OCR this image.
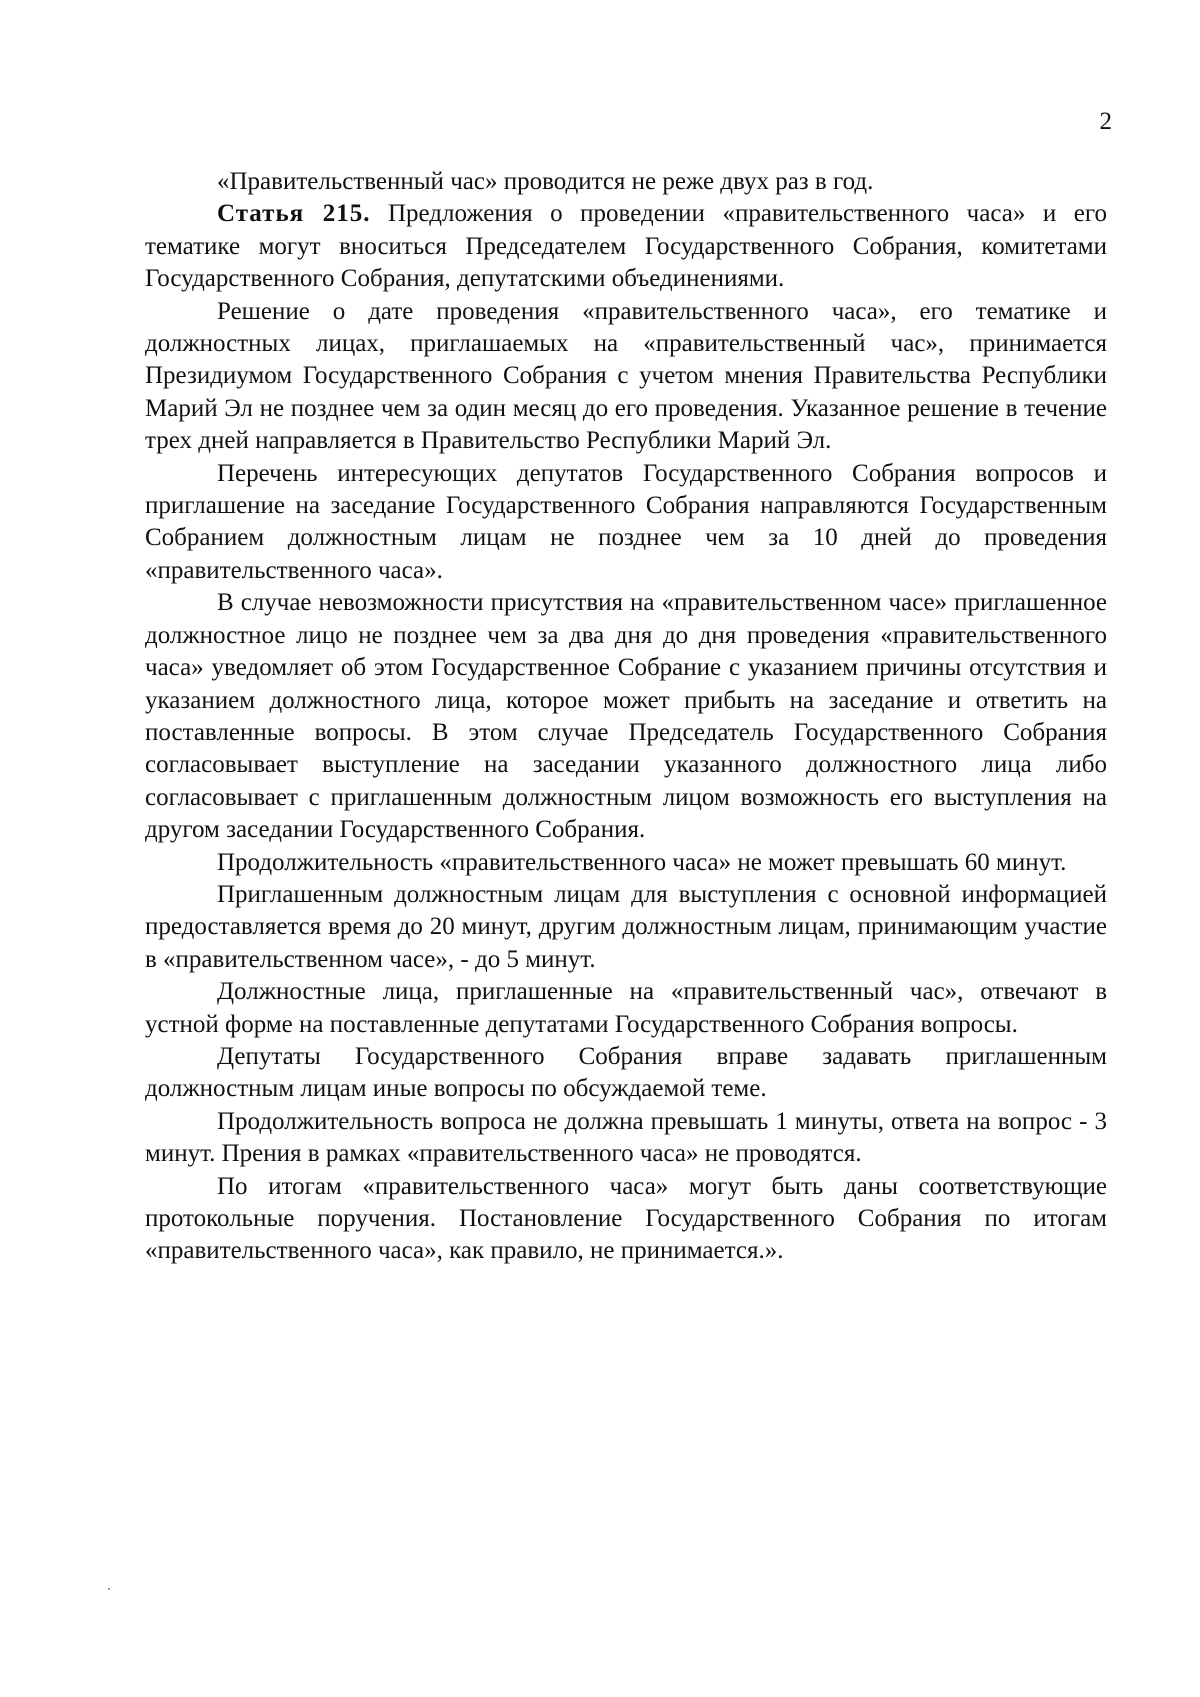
2

«Правительственный час» проводится не реже двух раз в год.

Статья 215. Предложения о проведении «правительственного часа» и его тематике могут вноситься Председателем Государственного Собрания, комитетами Государственного Собрания, депутатскими объединениями.

Решение о дате проведения «правительственного часа», его тематике и должностных лицах, приглашаемых на «правительственный час», принимается Президиумом Государственного Собрания с учетом мнения Правительства Республики Марий Эл не позднее чем за один месяц до его проведения. Указанное решение в течение трех дней направляется в Правительство Республики Марий Эл.

Перечень интересующих депутатов Государственного Собрания вопросов и приглашение на заседание Государственного Собрания направляются Государственным Собранием должностным лицам не позднее чем за 10 дней до проведения «правительственного часа».

В случае невозможности присутствия на «правительственном часе» приглашенное должностное лицо не позднее чем за два дня до дня проведения «правительственного часа» уведомляет об этом Государственное Собрание с указанием причины отсутствия и указанием должностного лица, которое может прибыть на заседание и ответить на поставленные вопросы. В этом случае Председатель Государственного Собрания согласовывает выступление на заседании указанного должностного лица либо согласовывает с приглашенным должностным лицом возможность его выступления на другом заседании Государственного Собрания.

Продолжительность «правительственного часа» не может превышать 60 минут.

Приглашенным должностным лицам для выступления с основной информацией предоставляется время до 20 минут, другим должностным лицам, принимающим участие в «правительственном часе», - до 5 минут.

Должностные лица, приглашенные на «правительственный час», отвечают в устной форме на поставленные депутатами Государственного Собрания вопросы.

Депутаты Государственного Собрания вправе задавать приглашенным должностным лицам иные вопросы по обсуждаемой теме.

Продолжительность вопроса не должна превышать 1 минуты, ответа на вопрос - 3 минут. Прения в рамках «правительственного часа» не проводятся.

По итогам «правительственного часа» могут быть даны соответствующие протокольные поручения. Постановление Государственного Собрания по итогам «правительственного часа», как правило, не принимается.».
